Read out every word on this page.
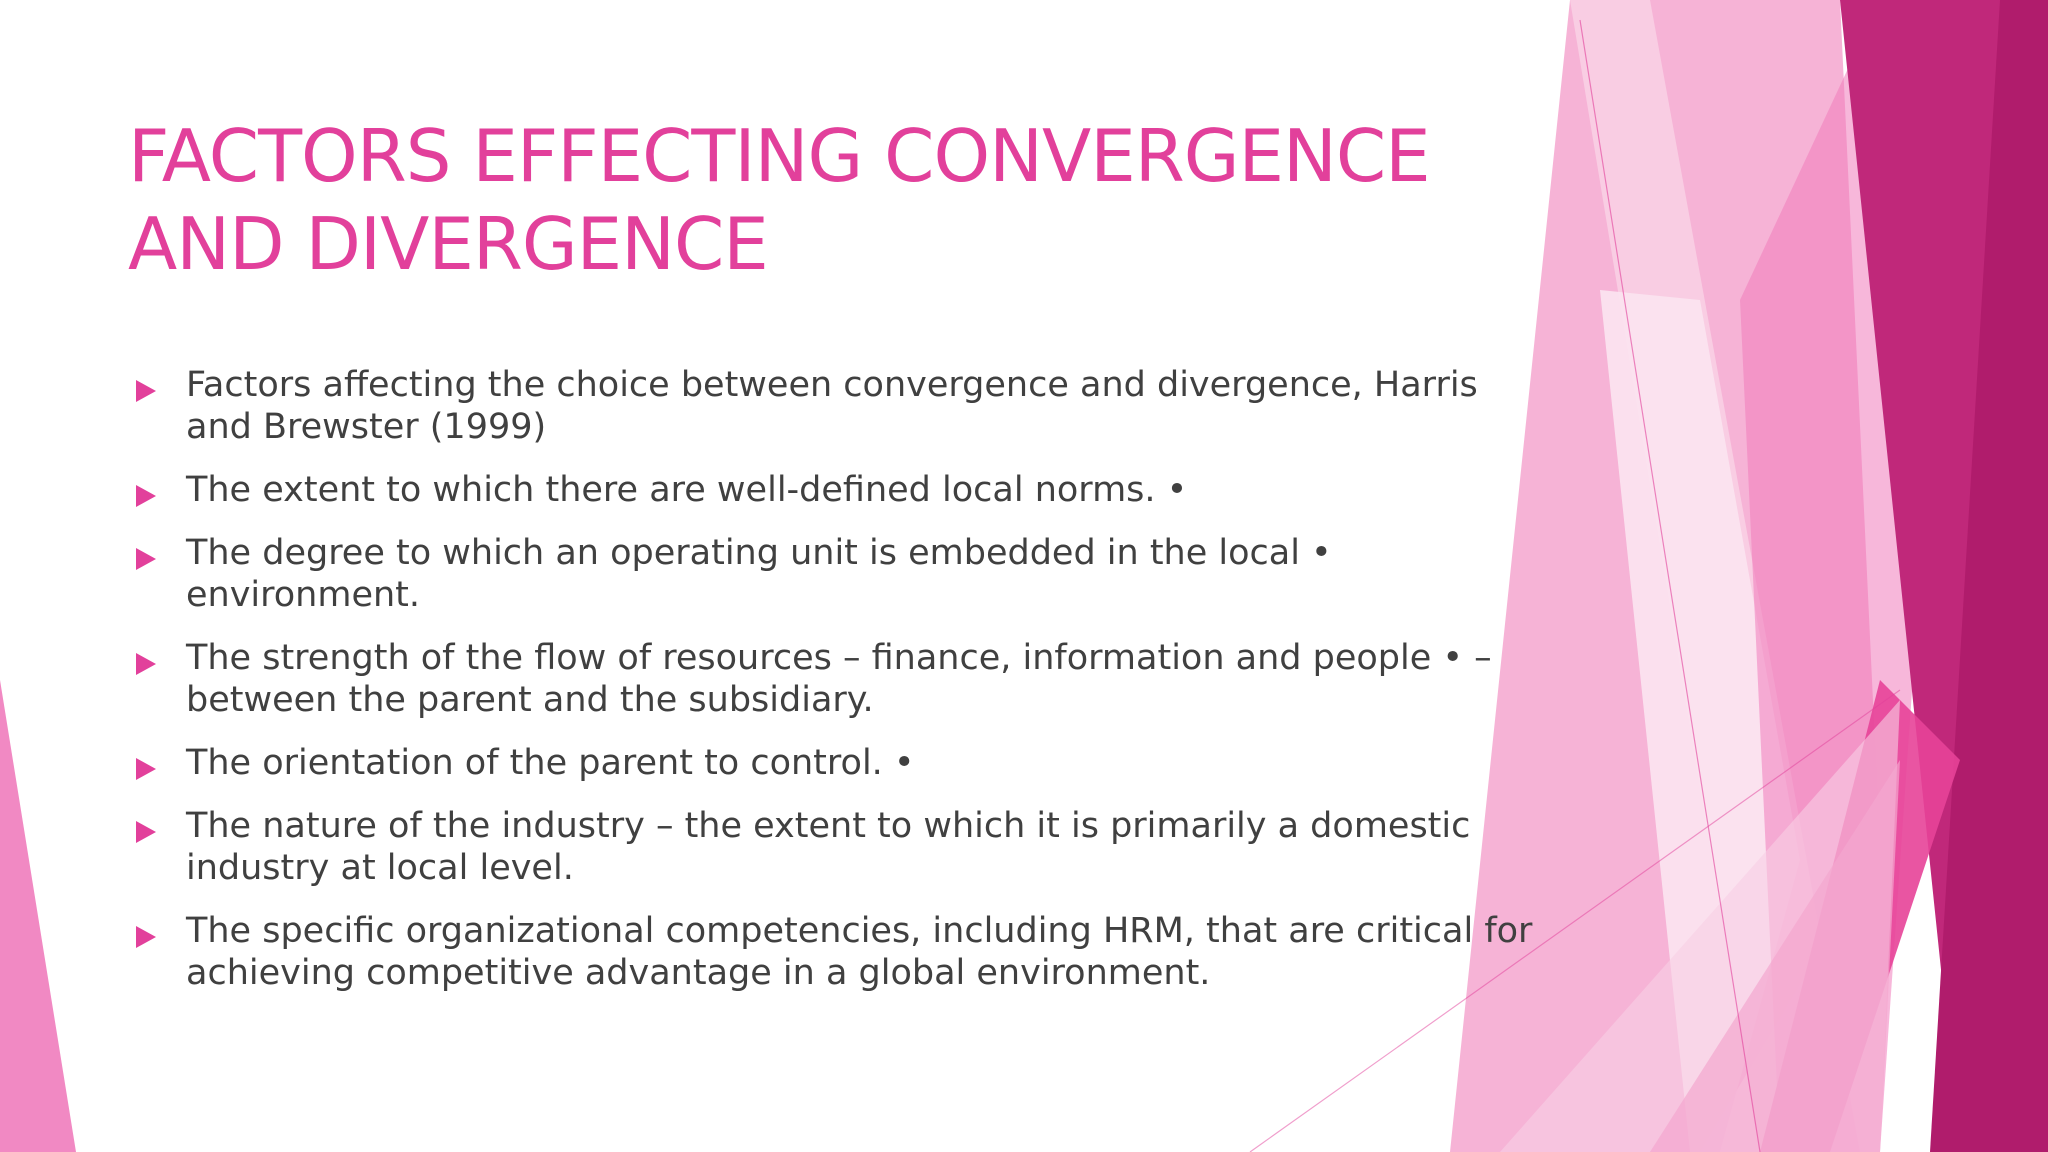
FACTORS EFFECTING CONVERGENCE AND DIVERGENCE
Factors affecting the choice between convergence and divergence, Harris and Brewster (1999)
The extent to which there are well-defined local norms. •
The degree to which an operating unit is embedded in the local • environment.
The strength of the flow of resources – finance, information and people • – between the parent and the subsidiary.
The orientation of the parent to control. •
The nature of the industry – the extent to which it is primarily a domestic industry at local level.
The specific organizational competencies, including HRM, that are critical for achieving competitive advantage in a global environment.
